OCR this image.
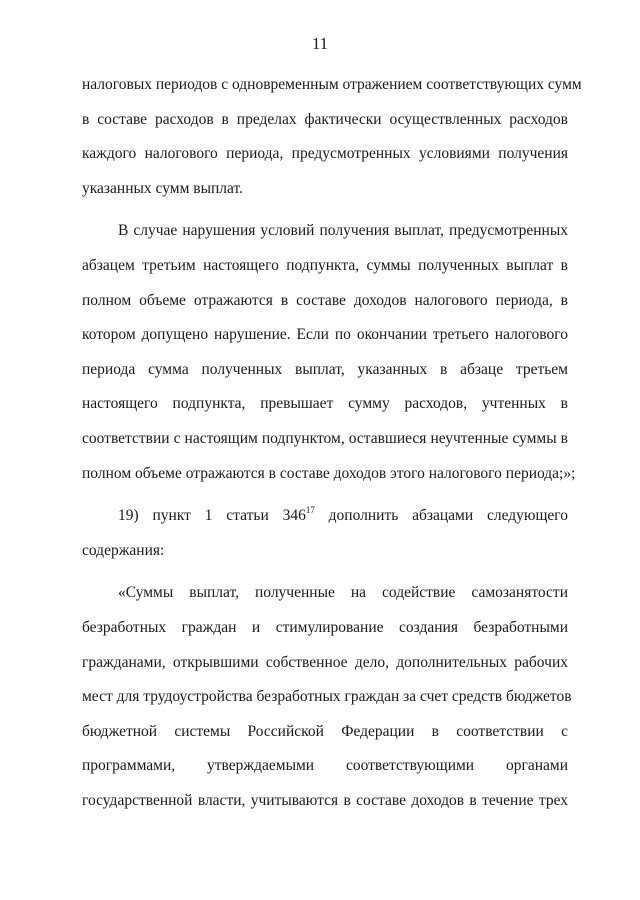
11
налоговых периодов с одновременным отражением соответствующих сумм
в составе расходов в пределах фактически осуществленных расходов
каждого налогового периода, предусмотренных условиями получения
указанных сумм выплат.
В случае нарушения условий получения выплат, предусмотренных
абзацем третьим настоящего подпункта, суммы полученных выплат в
полном объеме отражаются в составе доходов налогового периода, в
котором допущено нарушение. Если по окончании третьего налогового
периода сумма полученных выплат, указанных в абзаце третьем
настоящего подпункта, превышает сумму расходов, учтенных в
соответствии с настоящим подпунктом, оставшиеся неучтенные суммы в
полном объеме отражаются в составе доходов этого налогового периода;»;
19) пункт 1 статьи $346^{17}$ дополнить абзацами следующего
содержания:
«Суммы выплат, полученные на содействие самозанятости
безработных граждан и стимулирование создания безработными
гражданами, открывшими собственное дело, дополнительных рабочих
мест для трудоустройства безработных граждан за счет средств бюджетов
бюджетной системы Российской Федерации в соответствии с
программами, утверждаемыми соответствующими органами
государственной власти, учитываются в составе доходов в течение трех
